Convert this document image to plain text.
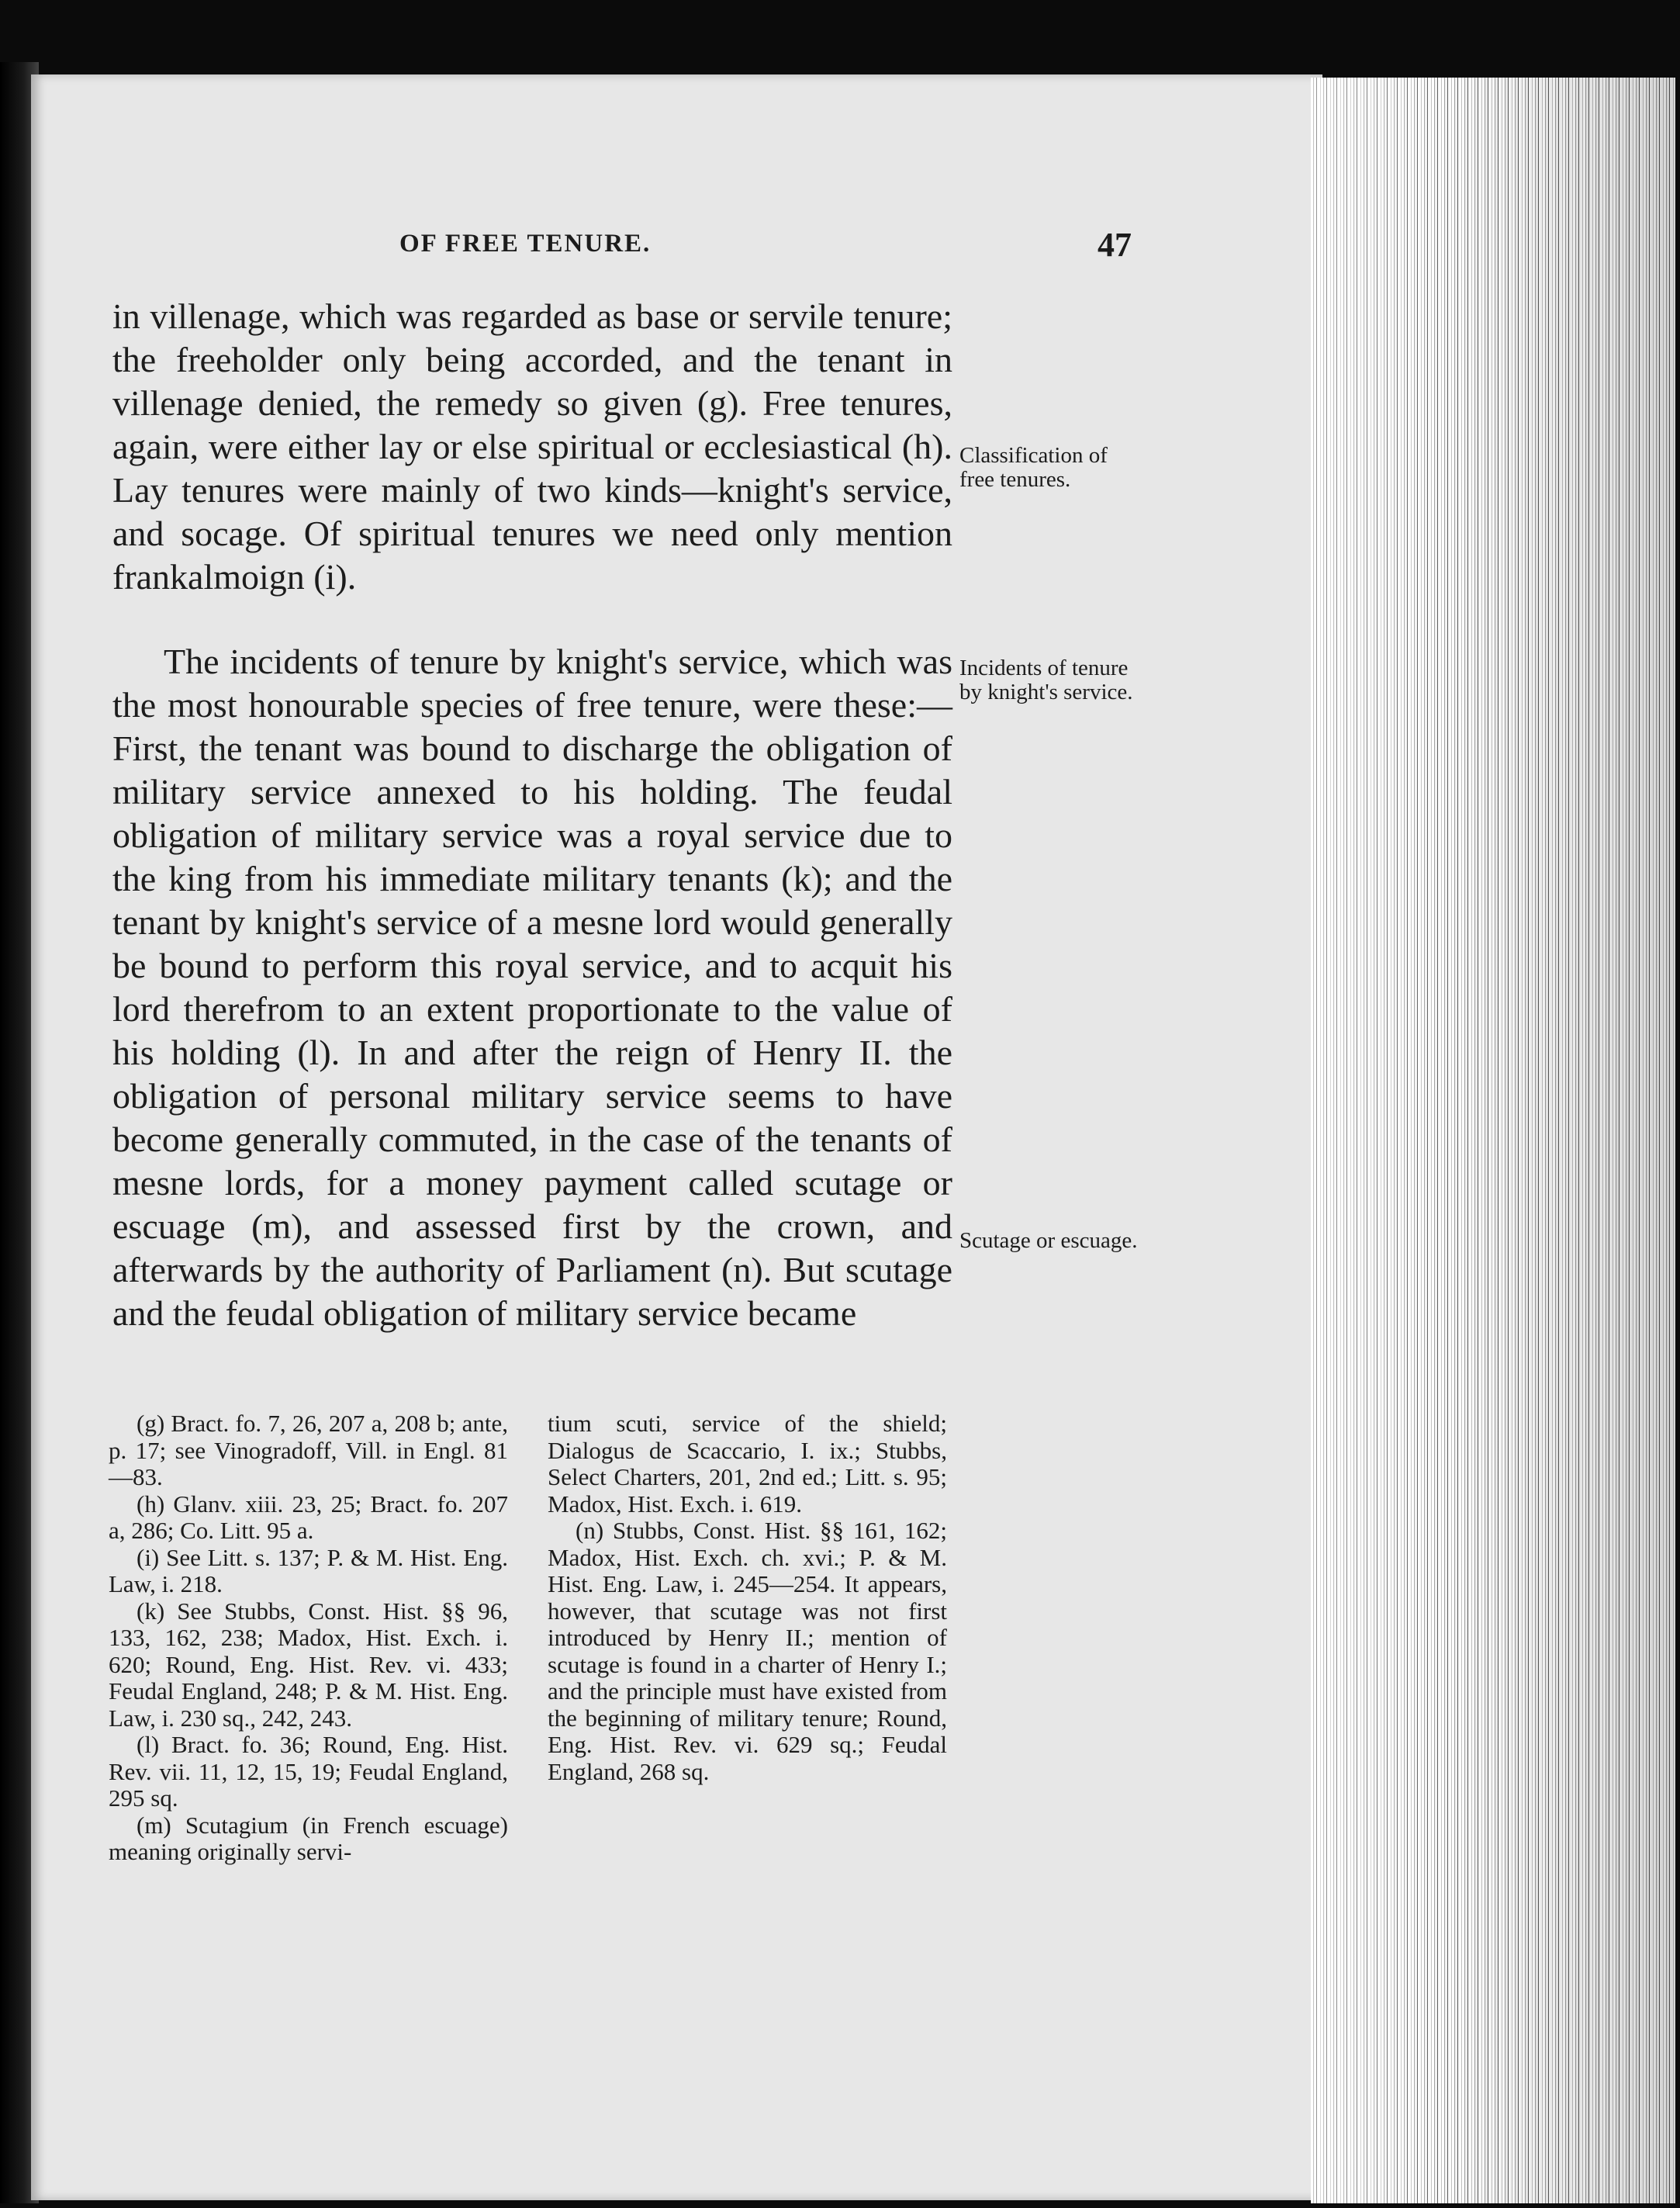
OF FREE TENURE.	47

in villenage, which was regarded as base or servile tenure; the freeholder only being accorded, and the tenant in villenage denied, the remedy so given (g). Free tenures, again, were either lay or else spiritual or ecclesiastical (h). Lay tenures were mainly of two kinds—knight's service, and socage. Of spiritual tenures we need only mention frankalmoign (i).

The incidents of tenure by knight's service, which was the most honourable species of free tenure, were these:—First, the tenant was bound to discharge the obligation of military service annexed to his holding. The feudal obligation of military service was a royal service due to the king from his immediate military tenants (k); and the tenant by knight's service of a mesne lord would generally be bound to perform this royal service, and to acquit his lord therefrom to an extent proportionate to the value of his holding (l). In and after the reign of Henry II. the obligation of personal military service seems to have become generally commuted, in the case of the tenants of mesne lords, for a money payment called scutage or escuage (m), and assessed first by the crown, and afterwards by the authority of Parliament (n). But scutage and the feudal obligation of military service became

Classification of free tenures.
Incidents of tenure by knight's service.
Scutage or escuage.

(g) Bract. fo. 7, 26, 207 a, 208 b; ante, p. 17; see Vinogradoff, Vill. in Engl. 81—83.

(h) Glanv. xiii. 23, 25; Bract. fo. 207 a, 286; Co. Litt. 95 a.

(i) See Litt. s. 137; P. & M. Hist. Eng. Law, i. 218.

(k) See Stubbs, Const. Hist. §§ 96, 133, 162, 238; Madox, Hist. Exch. i. 620; Round, Eng. Hist. Rev. vi. 433; Feudal England, 248; P. & M. Hist. Eng. Law, i. 230 sq., 242, 243.

(l) Bract. fo. 36; Round, Eng. Hist. Rev. vii. 11, 12, 15, 19; Feudal England, 295 sq.

(m) Scutagium (in French escuage) meaning originally servi-

tium scuti, service of the shield; Dialogus de Scaccario, I. ix.; Stubbs, Select Charters, 201, 2nd ed.; Litt. s. 95; Madox, Hist. Exch. i. 619.

(n) Stubbs, Const. Hist. §§ 161, 162; Madox, Hist. Exch. ch. xvi.; P. & M. Hist. Eng. Law, i. 245—254. It appears, however, that scutage was not first introduced by Henry II.; mention of scutage is found in a charter of Henry I.; and the principle must have existed from the beginning of military tenure; Round, Eng. Hist. Rev. vi. 629 sq.; Feudal England, 268 sq.
